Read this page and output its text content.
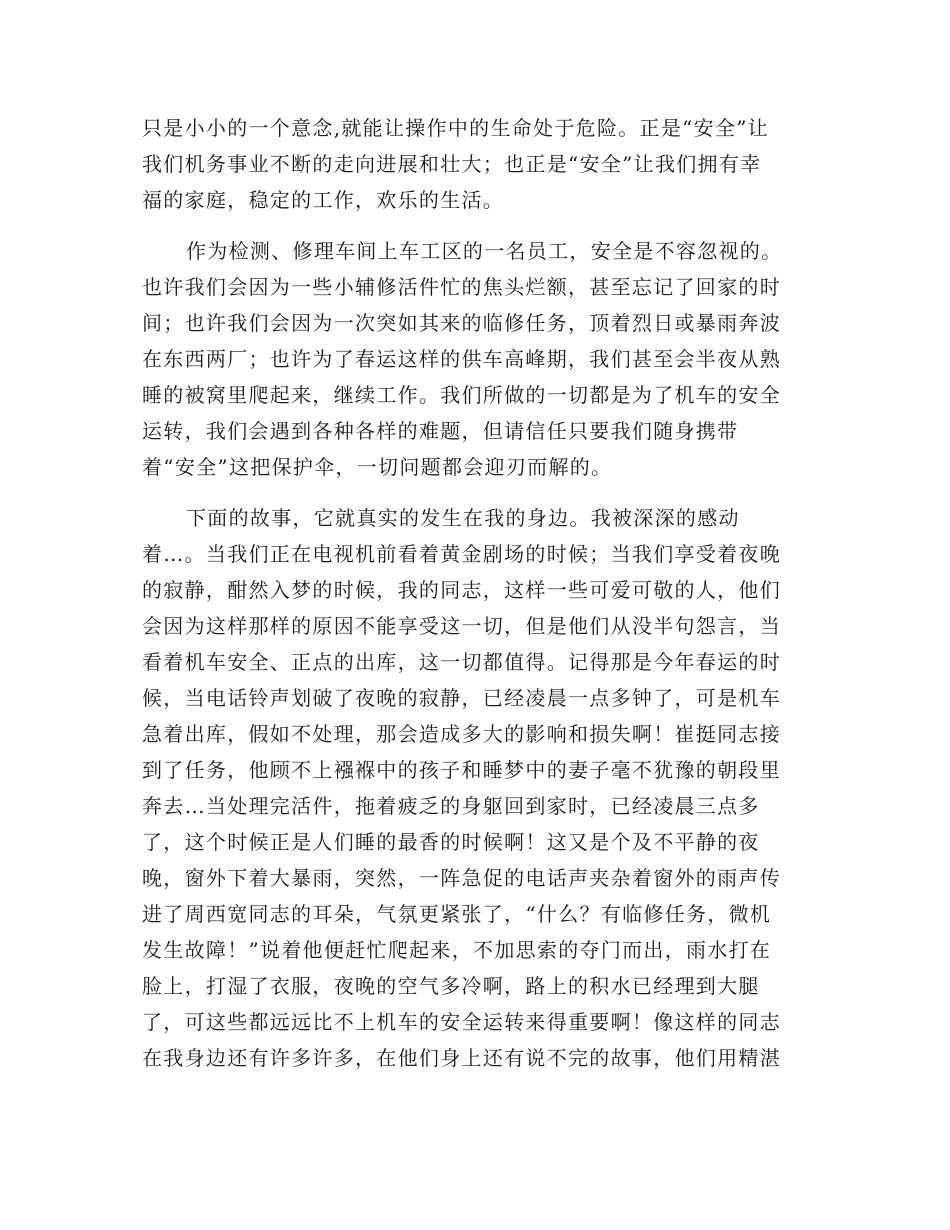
只是小小的一个意念,就能让操作中的生命处于危险。正是“安全”让
我们机务事业不断的走向进展和壮大；也正是“安全”让我们拥有幸
福的家庭，稳定的工作，欢乐的生活。
作为检测、修理车间上车工区的一名员工，安全是不容忽视的。
也许我们会因为一些小辅修活件忙的焦头烂额，甚至忘记了回家的时
间；也许我们会因为一次突如其来的临修任务，顶着烈日或暴雨奔波
在东西两厂；也许为了春运这样的供车高峰期，我们甚至会半夜从熟
睡的被窝里爬起来，继续工作。我们所做的一切都是为了机车的安全
运转，我们会遇到各种各样的难题，但请信任只要我们随身携带
着“安全”这把保护伞，一切问题都会迎刃而解的。
下面的故事，它就真实的发生在我的身边。我被深深的感动
着…。当我们正在电视机前看着黄金剧场的时候；当我们享受着夜晚
的寂静，酣然入梦的时候，我的同志，这样一些可爱可敬的人，他们
会因为这样那样的原因不能享受这一切，但是他们从没半句怨言，当
看着机车安全、正点的出库，这一切都值得。记得那是今年春运的时
候，当电话铃声划破了夜晚的寂静，已经凌晨一点多钟了，可是机车
急着出库，假如不处理，那会造成多大的影响和损失啊！崔挺同志接
到了任务，他顾不上襁褓中的孩子和睡梦中的妻子毫不犹豫的朝段里
奔去…当处理完活件，拖着疲乏的身躯回到家时，已经凌晨三点多
了，这个时候正是人们睡的最香的时候啊！这又是个及不平静的夜
晚，窗外下着大暴雨，突然，一阵急促的电话声夹杂着窗外的雨声传
进了周西宽同志的耳朵，气氛更紧张了，“什么？有临修任务，微机
发生故障！”说着他便赶忙爬起来，不加思索的夺门而出，雨水打在
脸上，打湿了衣服，夜晚的空气多冷啊，路上的积水已经理到大腿
了，可这些都远远比不上机车的安全运转来得重要啊！像这样的同志
在我身边还有许多许多，在他们身上还有说不完的故事，他们用精湛
